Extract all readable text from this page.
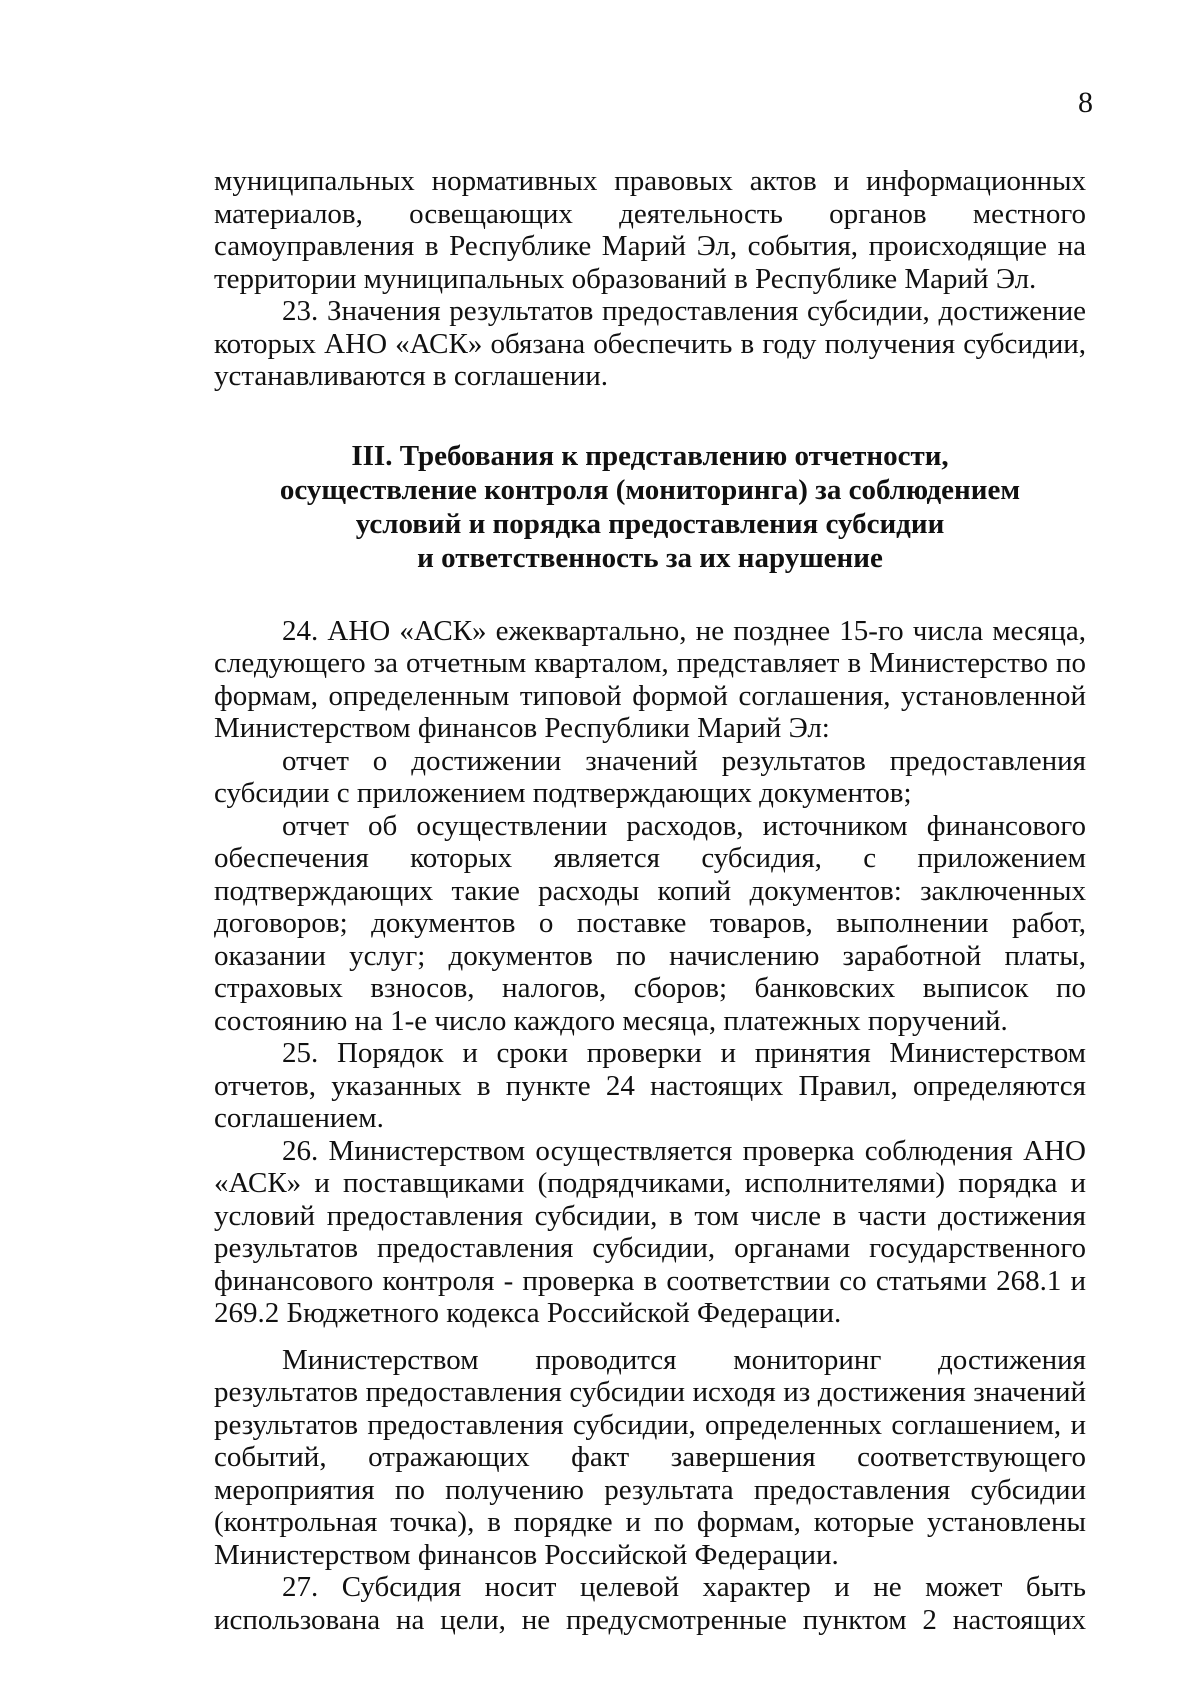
8

муниципальных нормативных правовых актов и информационных материалов, освещающих деятельность органов местного самоуправления в Республике Марий Эл, события, происходящие на территории муниципальных образований в Республике Марий Эл.

23. Значения результатов предоставления субсидии, достижение которых АНО «АСК» обязана обеспечить в году получения субсидии, устанавливаются в соглашении.

III. Требования к представлению отчетности,
осуществление контроля (мониторинга) за соблюдением
условий и порядка предоставления субсидии
и ответственность за их нарушение

24. АНО «АСК» ежеквартально, не позднее 15-го числа месяца, следующего за отчетным кварталом, представляет в Министерство по формам, определенным типовой формой соглашения, установленной Министерством финансов Республики Марий Эл:

отчет о достижении значений результатов предоставления субсидии с приложением подтверждающих документов;

отчет об осуществлении расходов, источником финансового обеспечения которых является субсидия, с приложением подтверждающих такие расходы копий документов: заключенных договоров; документов о поставке товаров, выполнении работ, оказании услуг; документов по начислению заработной платы, страховых взносов, налогов, сборов; банковских выписок по состоянию на 1-е число каждого месяца, платежных поручений.

25. Порядок и сроки проверки и принятия Министерством отчетов, указанных в пункте 24 настоящих Правил, определяются соглашением.

26. Министерством осуществляется проверка соблюдения АНО «АСК» и поставщиками (подрядчиками, исполнителями) порядка и условий предоставления субсидии, в том числе в части достижения результатов предоставления субсидии, органами государственного финансового контроля - проверка в соответствии со статьями 268.1 и 269.2 Бюджетного кодекса Российской Федерации.

Министерством проводится мониторинг достижения результатов предоставления субсидии исходя из достижения значений результатов предоставления субсидии, определенных соглашением, и событий, отражающих факт завершения соответствующего мероприятия по получению результата предоставления субсидии (контрольная точка), в порядке и по формам, которые установлены Министерством финансов Российской Федерации.

27. Субсидия носит целевой характер и не может быть использована на цели, не предусмотренные пунктом 2 настоящих
